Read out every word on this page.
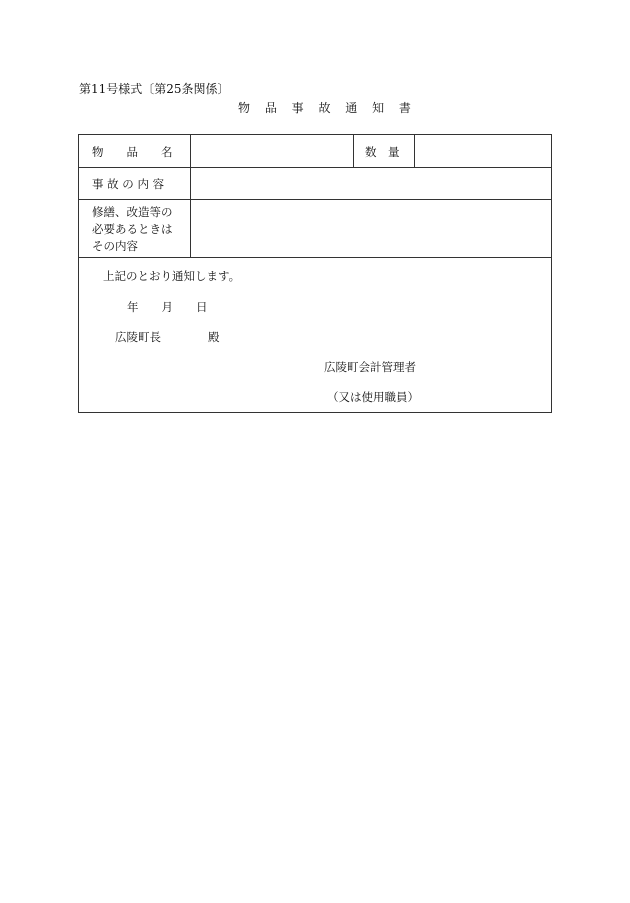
第11号様式〔第25条関係〕
物 品 事 故 通 知 書
物　　品　　名	数　量
事 故 の 内 容
修繕、改造等の
必要あるときは
その内容
上記のとおり通知します。
年　　月　　日
広陵町長	殿
広陵町会計管理者
（又は使用職員）
